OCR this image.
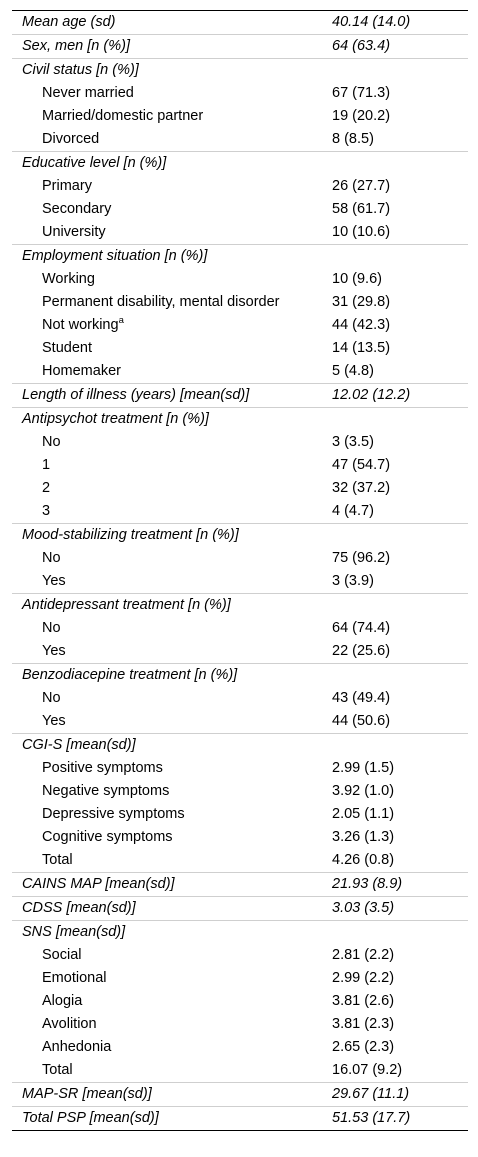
Mean age (sd)	40.14 (14.0)
Sex, men [n (%)]	64 (63.4)
Civil status [n (%)]	
Never married	67 (71.3)
Married/domestic partner	19 (20.2)
Divorced	8 (8.5)
Educative level [n (%)]	
Primary	26 (27.7)
Secondary	58 (61.7)
University	10 (10.6)
Employment situation [n (%)]	
Working	10 (9.6)
Permanent disability, mental disorder	31 (29.8)
Not working$^a$	44 (42.3)
Student	14 (13.5)
Homemaker	5 (4.8)
Length of illness (years) [mean(sd)]	12.02 (12.2)
Antipsychot treatment [n (%)]	
No	3 (3.5)
1	47 (54.7)
2	32 (37.2)
3	4 (4.7)
Mood-stabilizing treatment [n (%)]	
No	75 (96.2)
Yes	3 (3.9)
Antidepressant treatment [n (%)]	
No	64 (74.4)
Yes	22 (25.6)
Benzodiacepine treatment [n (%)]	
No	43 (49.4)
Yes	44 (50.6)
CGI-S [mean(sd)]	
Positive symptoms	2.99 (1.5)
Negative symptoms	3.92 (1.0)
Depressive symptoms	2.05 (1.1)
Cognitive symptoms	3.26 (1.3)
Total	4.26 (0.8)
CAINS MAP [mean(sd)]	21.93 (8.9)
CDSS [mean(sd)]	3.03 (3.5)
SNS [mean(sd)]	
Social	2.81 (2.2)
Emotional	2.99 (2.2)
Alogia	3.81 (2.6)
Avolition	3.81 (2.3)
Anhedonia	2.65 (2.3)
Total	16.07 (9.2)
MAP-SR [mean(sd)]	29.67 (11.1)
Total PSP [mean(sd)]	51.53 (17.7)
